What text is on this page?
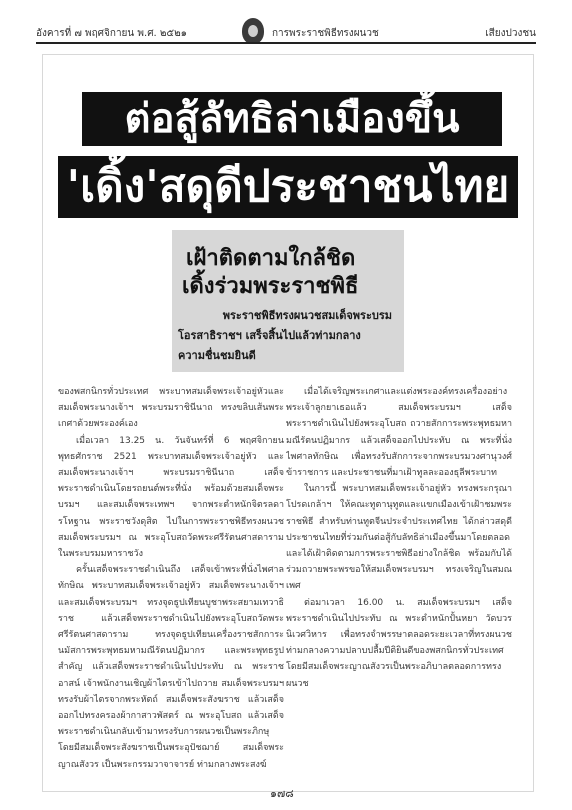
อังคารที่ ๗ พฤศจิกายน พ.ศ. ๒๕๒๑	การพระราชพิธีทรงผนวช	เสียงปวงชน
ต่อสู้ลัทธิล่าเมืองขึ้น
'เดิ้ง'สดุดีประชาชนไทย
เฝ้าติดตามใกล้ชิด
เดิ้งร่วมพระราชพิธี
พระราชพิธีทรงผนวชสมเด็จพระบรม
โอรสาธิราชฯ เสร็จสิ้นไปแล้วท่ามกลาง
ความชื่นชมยินดี

ของพสกนิกรทั่วประเทศ พระบาทสมเด็จพระเจ้าอยู่หัวและสมเด็จพระนางเจ้าฯ พระบรมราชินีนาถ ทรงขลิบเส้นพระเกศาด้วยพระองค์เอง

เมื่อเวลา 13.25 น. วันจันทร์ที่ 6 พฤศจิกายน พุทธศักราช 2521 พระบาทสมเด็จพระเจ้าอยู่หัว และสมเด็จพระนางเจ้าฯ พระบรมราชินีนาถ เสด็จพระราชดำเนินโดยรถยนต์พระที่นั่ง พร้อมด้วยสมเด็จพระบรมฯ และสมเด็จพระเทพฯ จากพระตำหนักจิตรลดารโหฐาน พระราชวังดุสิต ไปในการพระราชพิธีทรงผนวชสมเด็จพระบรมฯ ณ พระอุโบสถวัดพระศรีรัตนศาสดาราม ในพระบรมมหาราชวัง

ครั้นเสด็จพระราชดำเนินถึง เสด็จเข้าพระที่นั่งไพศาลทักษิณ พระบาทสมเด็จพระเจ้าอยู่หัว สมเด็จพระนางเจ้าฯ และสมเด็จพระบรมฯ ทรงจุดธูปเทียนบูชาพระสยามเทวาธิราช แล้วเสด็จพระราชดำเนินไปยังพระอุโบสถวัดพระศรีรัตนศาสดาราม ทรงจุดธูปเทียนเครื่องราชสักการะนมัสการพระพุทธมหามณีรัตนปฏิมากร และพระพุทธรูปสำคัญ แล้วเสด็จพระราชดำเนินไปประทับ ณ พระราชอาสน์ เจ้าพนักงานเชิญผ้าไตรเข้าไปถวาย สมเด็จพระบรมฯ ทรงรับผ้าไตรจากพระหัตถ์ สมเด็จพระสังฆราช แล้วเสด็จออกไปทรงครองผ้ากาสาวพัสตร์ ณ พระอุโบสถ แล้วเสด็จพระราชดำเนินกลับเข้ามาทรงรับการผนวชเป็นพระภิกษุ โดยมีสมเด็จพระสังฆราชเป็นพระอุปัชฌาย์ สมเด็จพระญาณสังวร เป็นพระกรรมวาจาจารย์ ท่ามกลางพระสงฆ์

เมื่อได้เจริญพระเกศาและแต่งพระองค์ทรงเครื่องอย่างพระเจ้าลูกยาเธอแล้ว สมเด็จพระบรมฯ เสด็จพระราชดำเนินไปยังพระอุโบสถ ถวายสักการะพระพุทธมหามณีรัตนปฏิมากร แล้วเสด็จออกไปประทับ ณ พระที่นั่งไพศาลทักษิณ เพื่อทรงรับสักการะจากพระบรมวงศานุวงศ์ ข้าราชการ และประชาชนที่มาเฝ้าทูลละอองธุลีพระบาท

ในการนี้ พระบาทสมเด็จพระเจ้าอยู่หัว ทรงพระกรุณาโปรดเกล้าฯ ให้คณะทูตานุทูตและแขกเมืองเข้าเฝ้าชมพระราชพิธี สำหรับท่านทูตจีนประจำประเทศไทย ได้กล่าวสดุดีประชาชนไทยที่ร่วมกันต่อสู้กับลัทธิล่าเมืองขึ้นมาโดยตลอด และได้เฝ้าติดตามการพระราชพิธีอย่างใกล้ชิด พร้อมกับได้ร่วมถวายพระพรขอให้สมเด็จพระบรมฯ ทรงเจริญในสมณเพศ

ต่อมาเวลา 16.00 น. สมเด็จพระบรมฯ เสด็จพระราชดำเนินไปประทับ ณ พระตำหนักปั้นหยา วัดบวรนิเวศวิหาร เพื่อทรงจำพรรษาตลอดระยะเวลาที่ทรงผนวช ท่ามกลางความปลาบปลื้มปีติยินดีของพสกนิกรทั่วประเทศ โดยมีสมเด็จพระญาณสังวรเป็นพระอภิบาลตลอดการทรงผนวช

๑๗๘
